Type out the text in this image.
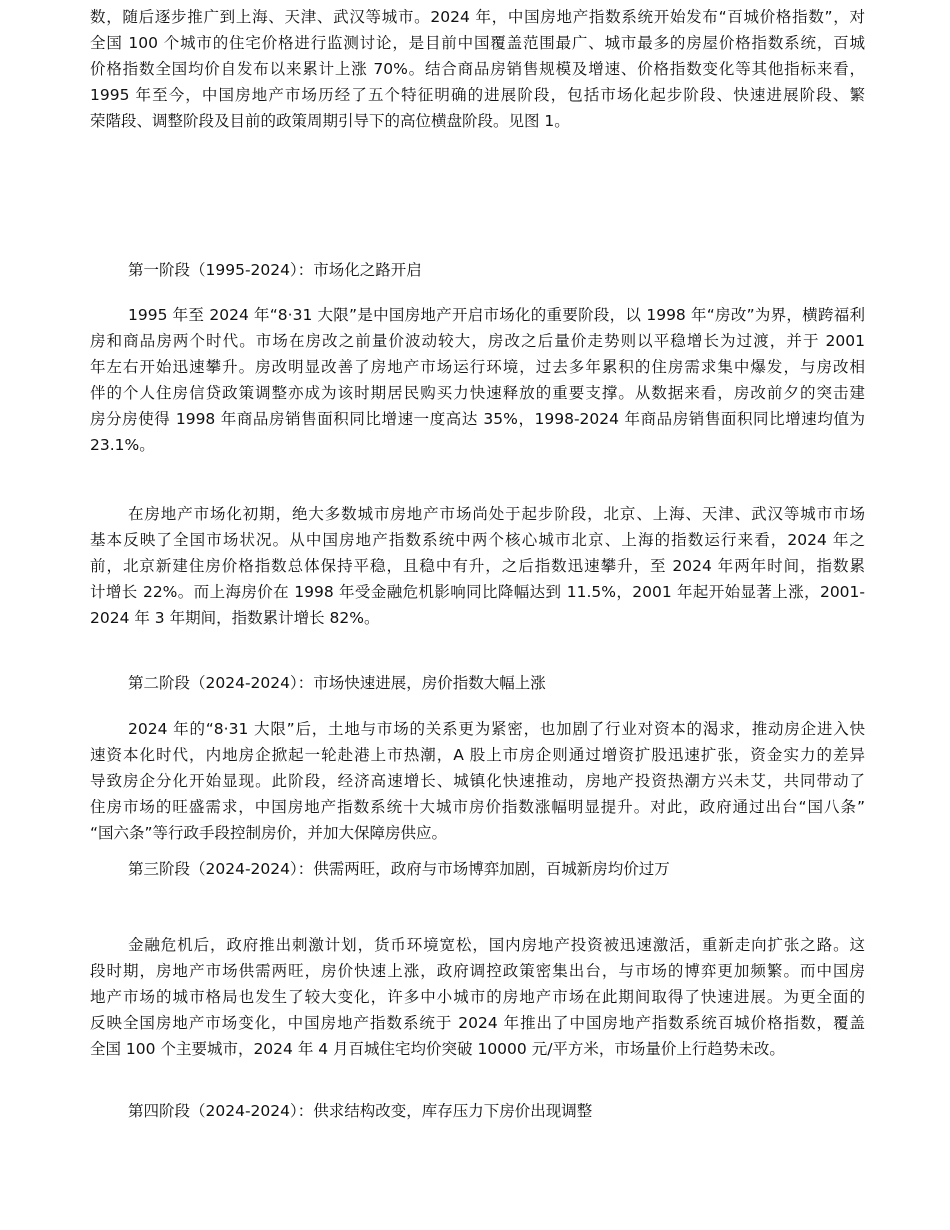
数，随后逐步推广到上海、天津、武汉等城市。2024 年，中国房地产指数系统开始发布“百城价格指数”，对
全国 100 个城市的住宅价格进行监测讨论，是目前中国覆盖范围最广、城市最多的房屋价格指数系统，百城
价格指数全国均价自发布以来累计上涨 70%。结合商品房销售规模及增速、价格指数变化等其他指标来看，
1995 年至今，中国房地产市场历经了五个特征明确的进展阶段，包括市场化起步阶段、快速进展阶段、繁
荣階段、调整阶段及目前的政策周期引导下的高位横盘阶段。见图 1。
第一阶段（1995-2024）：市场化之路开启
1995 年至 2024 年“8·31 大限”是中国房地产开启市场化的重要阶段，以 1998 年“房改”为界，横跨福利
房和商品房两个时代。市场在房改之前量价波动较大，房改之后量价走势则以平稳增长为过渡，并于 2001
年左右开始迅速攀升。房改明显改善了房地产市场运行环境，过去多年累积的住房需求集中爆发，与房改相
伴的个人住房信贷政策调整亦成为该时期居民购买力快速释放的重要支撑。从数据来看，房改前夕的突击建
房分房使得 1998 年商品房销售面积同比增速一度高达 35%，1998-2024 年商品房销售面积同比增速均值为
23.1%。
在房地产市场化初期，绝大多数城市房地产市场尚处于起步阶段，北京、上海、天津、武汉等城市市场
基本反映了全国市场状况。从中国房地产指数系统中两个核心城市北京、上海的指数运行来看，2024 年之
前，北京新建住房价格指数总体保持平稳，且稳中有升，之后指数迅速攀升，至 2024 年两年时间，指数累
计增长 22%。而上海房价在 1998 年受金融危机影响同比降幅达到 11.5%，2001 年起开始显著上涨，2001-
2024 年 3 年期间，指数累计增长 82%。
第二阶段（2024-2024）：市场快速进展，房价指数大幅上涨
2024 年的“8·31 大限”后，土地与市场的关系更为紧密，也加剧了行业对资本的渴求，推动房企进入快
速资本化时代，内地房企掀起一轮赴港上市热潮，A 股上市房企则通过增资扩股迅速扩张，资金实力的差异
导致房企分化开始显现。此阶段，经济高速增长、城镇化快速推动，房地产投资热潮方兴未艾，共同带动了
住房市场的旺盛需求，中国房地产指数系统十大城市房价指数涨幅明显提升。对此，政府通过出台“国八条”
“国六条”等行政手段控制房价，并加大保障房供应。
第三阶段（2024-2024）：供需两旺，政府与市场博弈加剧，百城新房均价过万
金融危机后，政府推出刺激计划，货币环境宽松，国内房地产投资被迅速激活，重新走向扩张之路。这
段时期，房地产市场供需两旺，房价快速上涨，政府调控政策密集出台，与市场的博弈更加频繁。而中国房
地产市场的城市格局也发生了较大变化，许多中小城市的房地产市场在此期间取得了快速进展。为更全面的
反映全国房地产市场变化，中国房地产指数系统于 2024 年推出了中国房地产指数系统百城价格指数，覆盖
全国 100 个主要城市，2024 年 4 月百城住宅均价突破 10000 元/平方米，市场量价上行趋势未改。
第四阶段（2024-2024）：供求结构改变，库存压力下房价出现调整
